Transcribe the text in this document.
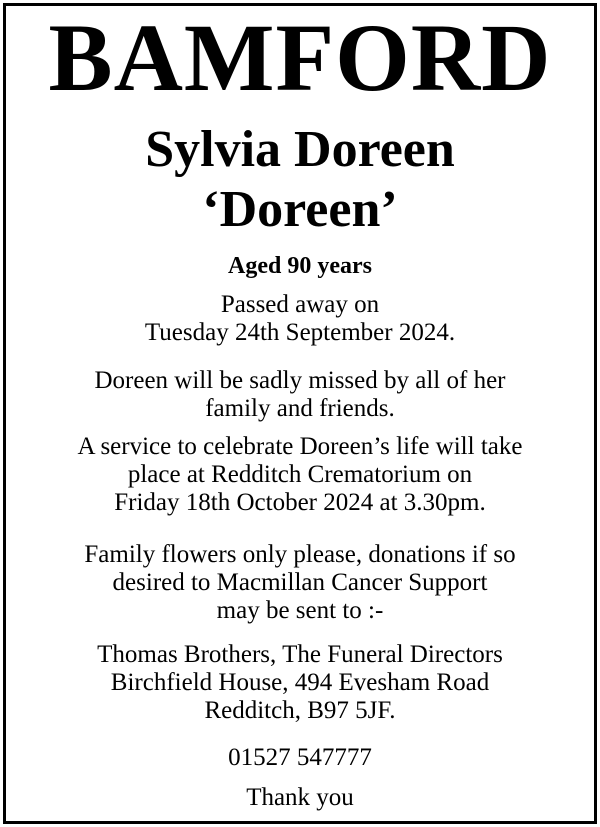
BAMFORD
Sylvia Doreen
‘Doreen’
Aged 90 years
Passed away on
Tuesday 24th September 2024.
Doreen will be sadly missed by all of her
family and friends.
A service to celebrate Doreen’s life will take
place at Redditch Crematorium on
Friday 18th October 2024 at 3.30pm.
Family flowers only please, donations if so
desired to Macmillan Cancer Support
may be sent to :-
Thomas Brothers, The Funeral Directors
Birchfield House, 494 Evesham Road
Redditch, B97 5JF.
01527 547777
Thank you
